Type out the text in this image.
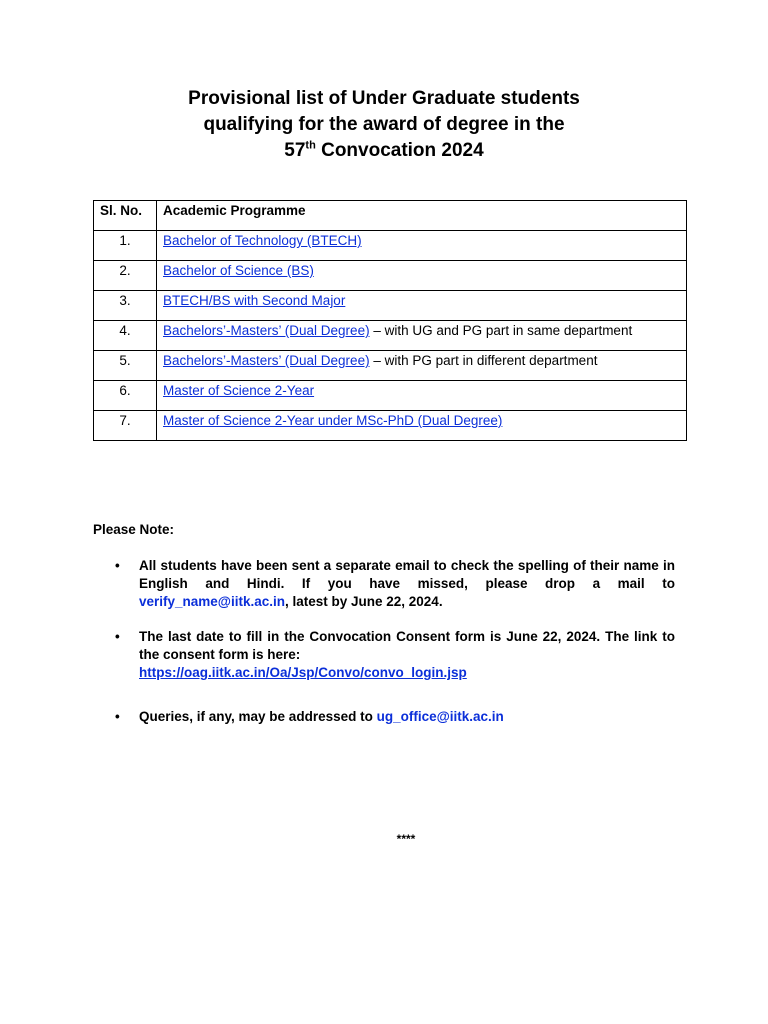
Provisional list of Under Graduate students
qualifying for the award of degree in the
57th Convocation 2024
Sl. No.	Academic Programme
1.	Bachelor of Technology (BTECH)
2.	Bachelor of Science (BS)
3.	BTECH/BS with Second Major
4.	Bachelors’-Masters’ (Dual Degree) – with UG and PG part in same department
5.	Bachelors’-Masters’ (Dual Degree) – with PG part in different department
6.	Master of Science 2-Year
7.	Master of Science 2-Year under MSc-PhD (Dual Degree)
Please Note:
• All students have been sent a separate email to check the spelling of their name in English and Hindi. If you have missed, please drop a mail to verify_name@iitk.ac.in, latest by June 22, 2024.
• The last date to fill in the Convocation Consent form is June 22, 2024. The link to the consent form is here:
https://oag.iitk.ac.in/Oa/Jsp/Convo/convo_login.jsp
• Queries, if any, may be addressed to ug_office@iitk.ac.in
****
